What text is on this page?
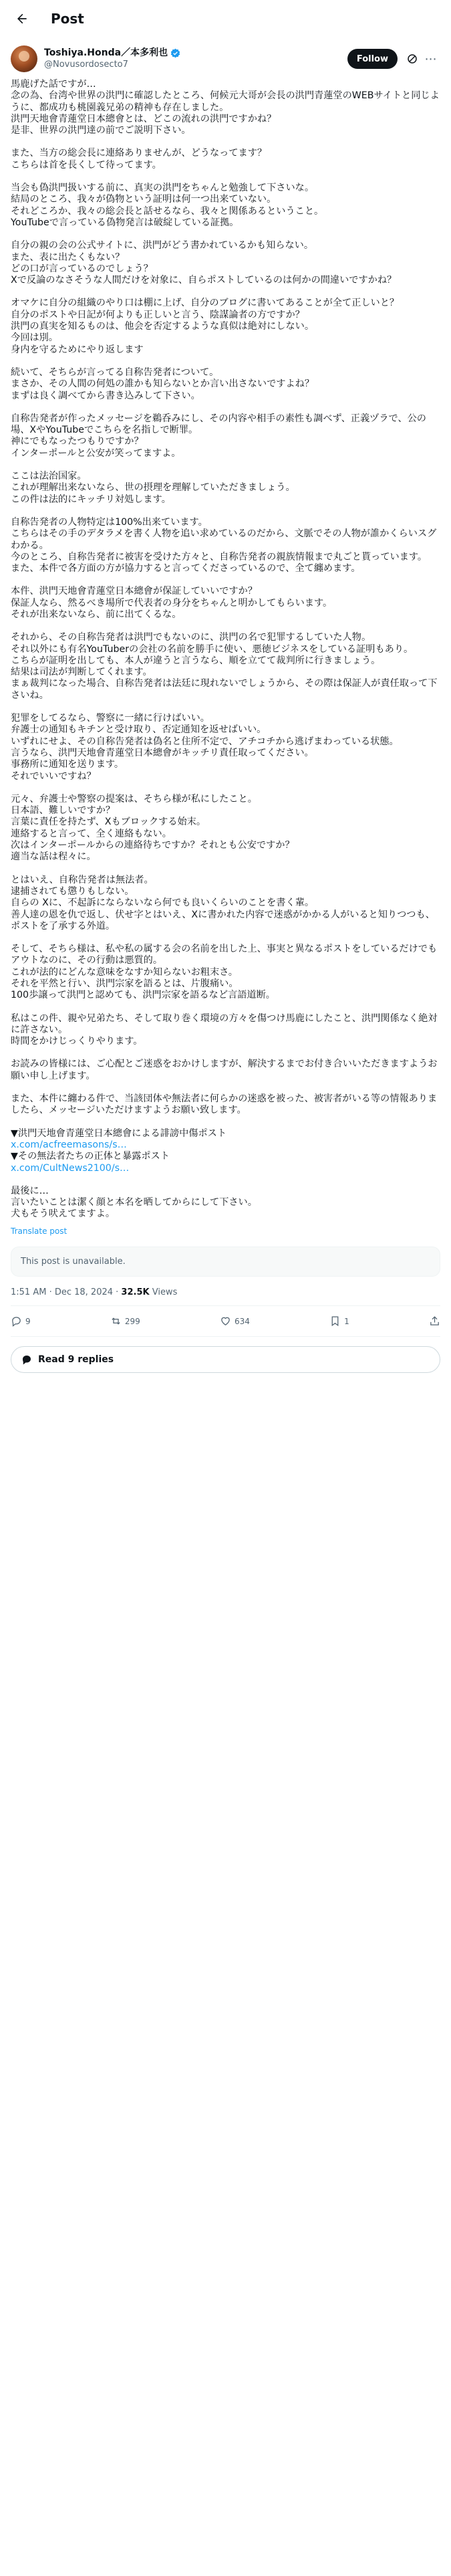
Post
Toshiya.Honda／本多利也
@Novusordosecto7
Follow	⋯
馬鹿げた話ですが…
念の為、台湾や世界の洪門に確認したところ、何候元大哥が会長の洪門青蓮堂のWEBサイトと同じように、都成功も桃園義兄弟の精神も存在しました。
洪門天地會青蓮堂日本總會とは、どこの流れの洪門ですかね？
是非、世界の洪門達の前でご説明下さい。
また、当方の総会長に連絡ありませんが、どうなってます？
こちらは首を長くして待ってます。
当会も偽洪門扱いする前に、真実の洪門をちゃんと勉強して下さいな。
結局のところ、我々が偽物という証明は何一つ出来ていない。
それどころか、我々の総会長と話せるなら、我々と関係あるということ。
YouTubeで言っている偽物発言は破綻している証拠。
自分の親の会の公式サイトに、洪門がどう書かれているかも知らない。
また、表に出たくもない？
どの口が言っているのでしょう？
Xで反論のなさそうな人間だけを対象に、自らポストしているのは何かの間違いですかね？
オマケに自分の組織のやり口は棚に上げ、自分のブログに書いてあることが全て正しいと？
自分のポストや日記が何よりも正しいと言う、陰謀論者の方ですか？
洪門の真実を知るものは、他会を否定するような真似は絶対にしない。
今回は別。
身内を守るためにやり返します
続いて、そちらが言ってる自称告発者について。
まさか、その人間の何処の誰かも知らないとか言い出さないですよね？
まずは良く調べてから書き込みして下さい。
自称告発者が作ったメッセージを鵜呑みにし、その内容や相手の素性も調べず、正義ヅラで、公の場、XやYouTubeでこちらを名指しで断罪。
神にでもなったつもりですか？
インターポールと公安が笑ってますよ。
ここは法治国家。
これが理解出来ないなら、世の摂理を理解していただきましょう。
この件は法的にキッチリ対処します。
自称告発者の人物特定は100%出来ています。
こちらはその手のデタラメを書く人物を追い求めているのだから、文脈でその人物が誰かくらいスグわかる。
今のところ、自称告発者に被害を受けた方々と、自称告発者の親族情報まで丸ごと貰っています。
また、本件で各方面の方が協力すると言ってくださっているので、全て纏めます。
本件、洪門天地會青蓮堂日本總會が保証していいですか？
保証人なら、然るべき場所で代表者の身分をちゃんと明かしてもらいます。
それが出来ないなら、前に出てくるな。
それから、その自称告発者は洪門でもないのに、洪門の名で犯罪するしていた人物。
それ以外にも有名YouTuberの会社の名前を勝手に使い、悪徳ビジネスをしている証明もあり。
こちらが証明を出しても、本人が違うと言うなら、順を立てて裁判所に行きましょう。
結果は司法が判断してくれます。
まぁ裁判になった場合、自称告発者は法廷に現れないでしょうから、その際は保証人が責任取って下さいね。
犯罪をしてるなら、警察に一緒に行けばいい。
弁護士の通知もキチンと受け取り、否定通知を返せばいい。
いずれにせよ、その自称告発者は偽名と住所不定で、アチコチから逃げまわっている状態。
言うなら、洪門天地會青蓮堂日本總會がキッチリ責任取ってください。
事務所に通知を送ります。
それでいいですね？
元々、弁護士や警察の提案は、そちら様が私にしたこと。
日本語、難しいですか？
言葉に責任を持たず、Xもブロックする始末。
連絡すると言って、全く連絡もない。
次はインターポールからの連絡待ちですか？それとも公安ですか？
適当な話は程々に。
とはいえ、自称告発者は無法者。
逮捕されても懲りもしない。
自らの Xに、不起訴にならないなら何でも良いくらいのことを書く輩。
善人達の恩を仇で返し、伏せ字とはいえ、Xに書かれた内容で迷惑がかかる人がいると知りつつも、ポストを了承する外道。
そして、そちら様は、私や私の属する会の名前を出した上、事実と異なるポストをしているだけでもアウトなのに、その行動は悪質的。
これが法的にどんな意味をなすか知らないお粗末さ。
それを平然と行い、洪門宗家を語るとは、片腹痛い。
100歩譲って洪門と認めても、洪門宗家を語るなど言語道断。
私はこの件、親や兄弟たち、そして取り巻く環境の方々を傷つけ馬鹿にしたこと、洪門関係なく絶対に許さない。
時間をかけじっくりやります。
お読みの皆様には、ご心配とご迷惑をおかけしますが、解決するまでお付き合いいただきますようお願い申し上げます。
また、本件に纏わる件で、当該団体や無法者に何らかの迷惑を被った、被害者がいる等の情報ありましたら、メッセージいただけますようお願い致します。
▼洪門天地會青蓮堂日本總會による誹謗中傷ポスト
x.com/acfreemasons/s…
▼その無法者たちの正体と暴露ポスト
x.com/CultNews2100/s…
最後に…
言いたいことは潔く顔と本名を晒してからにして下さい。
犬もそう吠えてますよ。
Translate post
This post is unavailable.
1:51 AM · Dec 18, 2024 · 32.5K Views
9	299	634	1
Read 9 replies
